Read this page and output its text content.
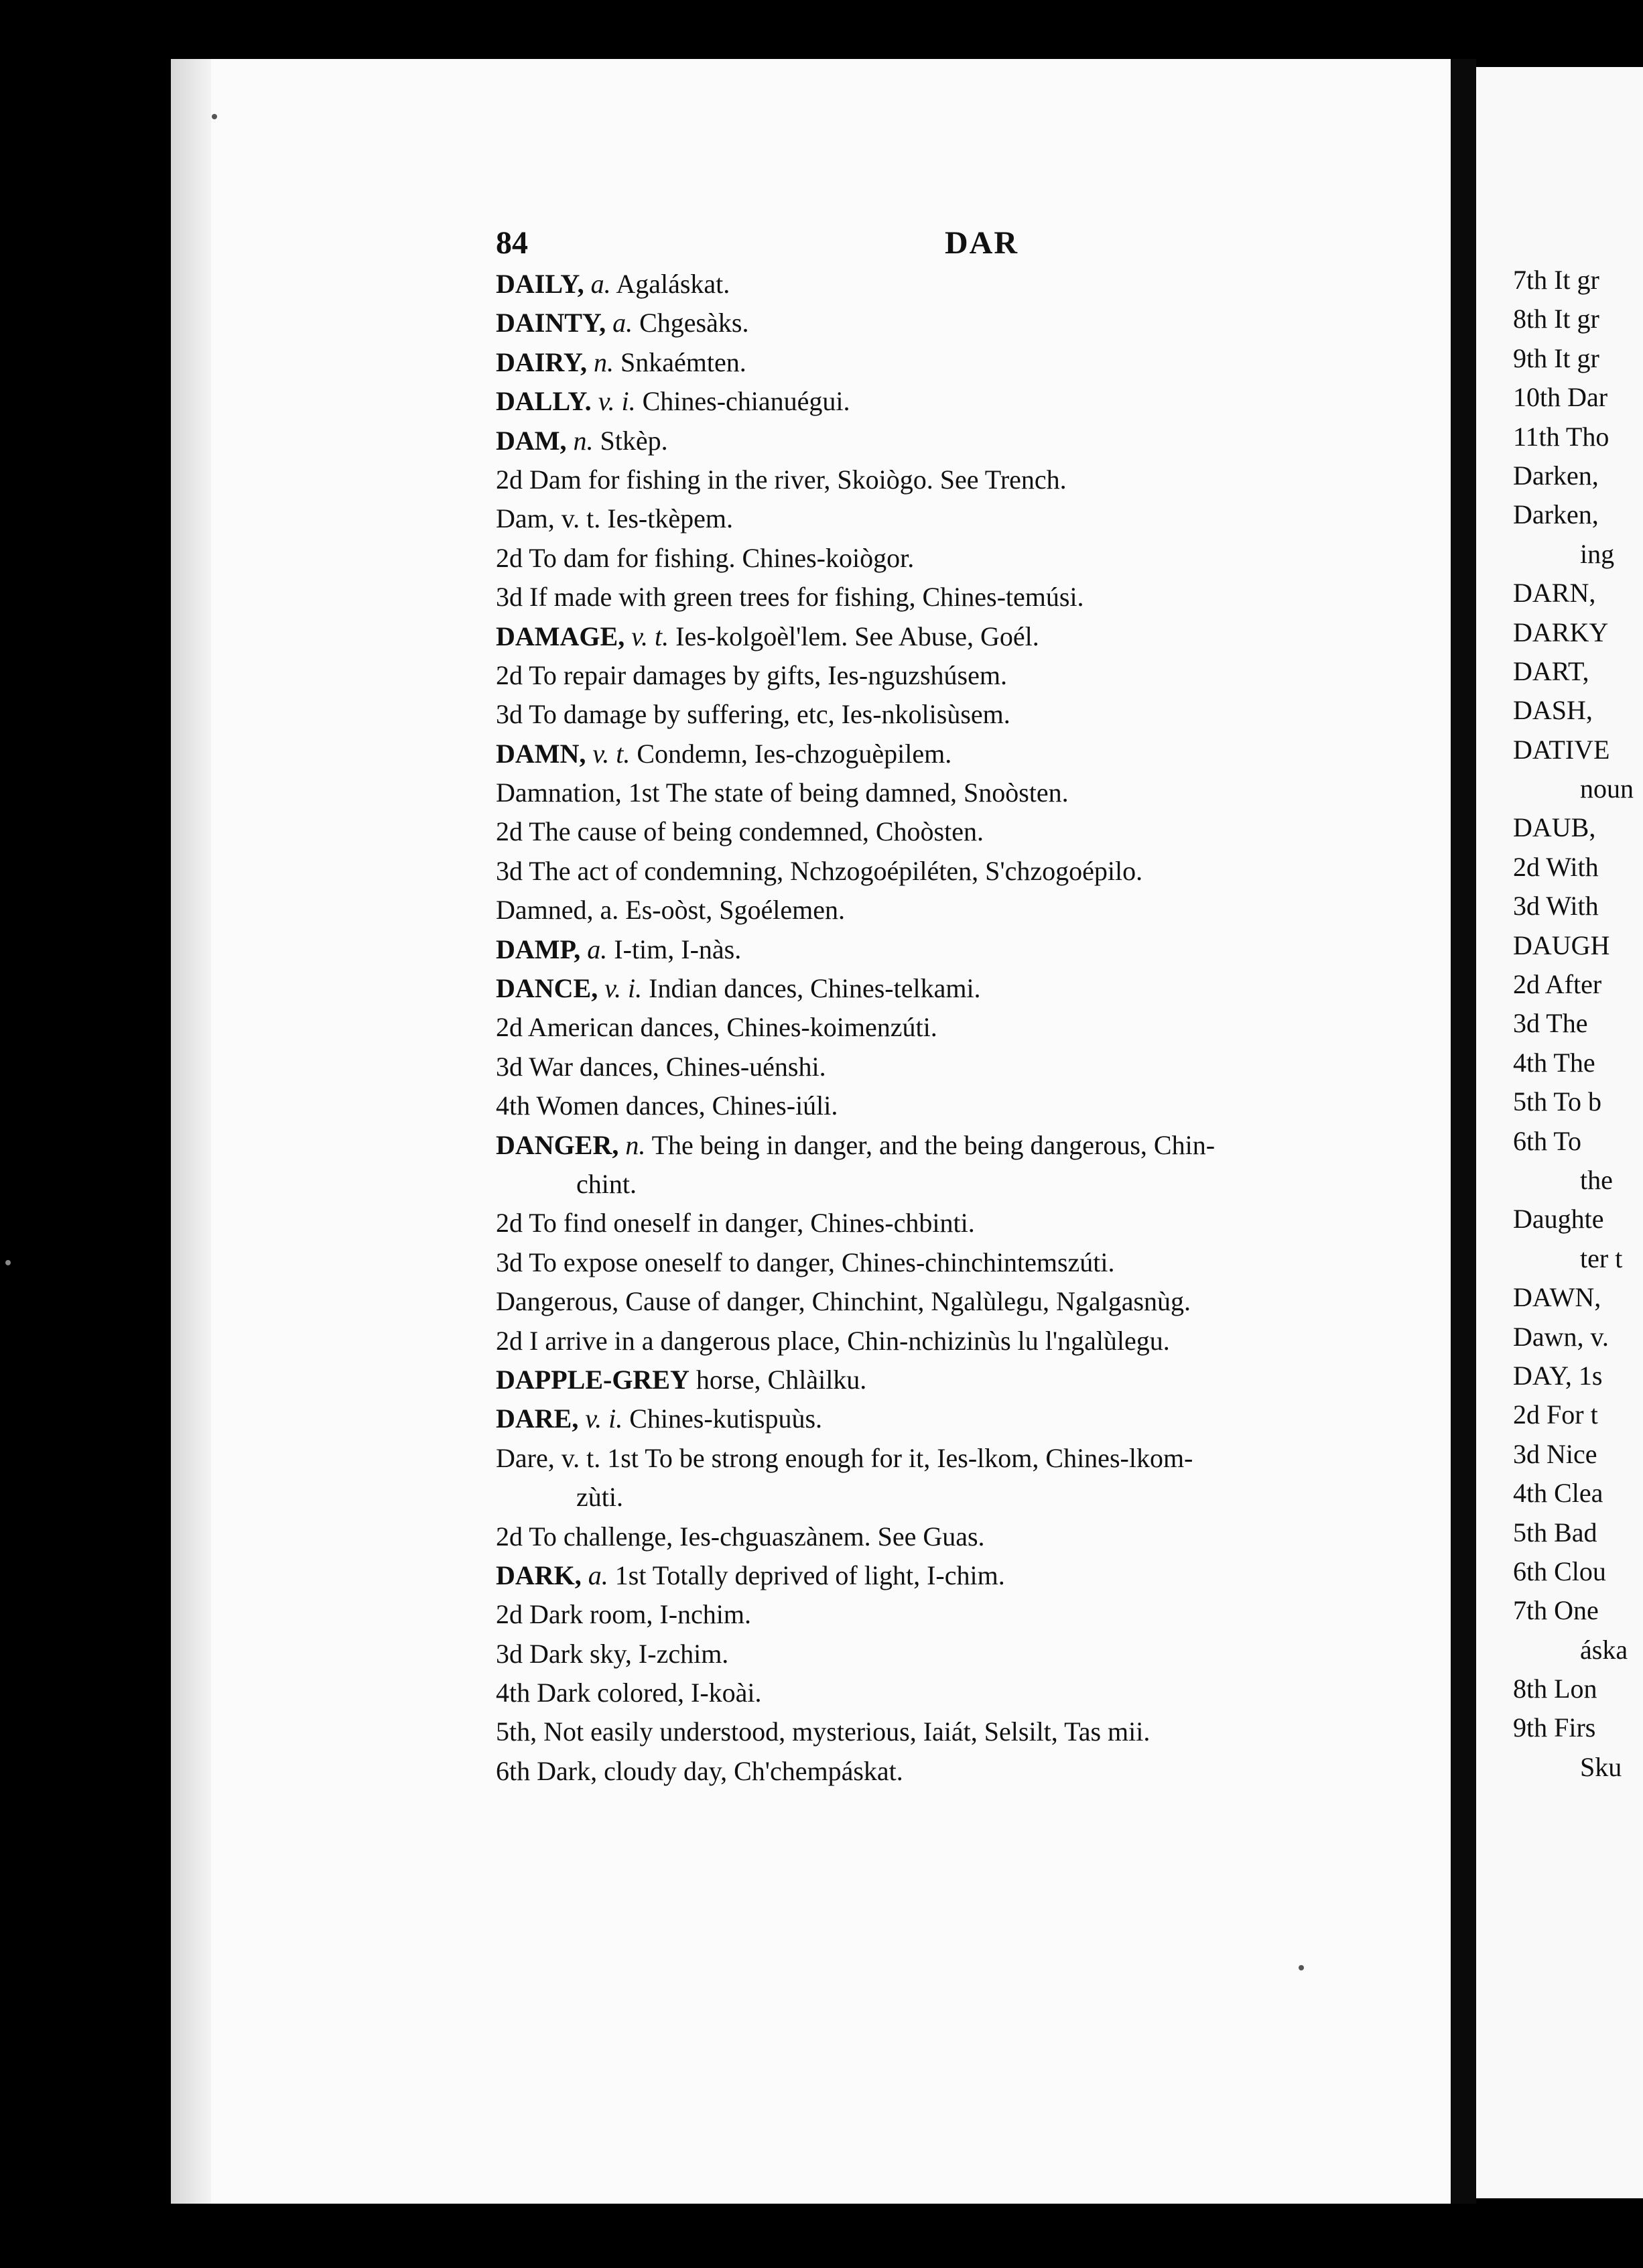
7th It gr
8th It gr
9th It gr
10th Dar
11th Tho
Darken,
Darken,
ing
DARN,
DARKY
DART,
DASH,
DATIVE
noun
DAUB,
2d With
3d With
DAUGH
2d After
3d The
4th The
5th To b
6th To
the
Daughte
ter t
DAWN,
Dawn, v.
DAY, 1s
2d For t
3d Nice
4th Clea
5th Bad
6th Clou
7th One
áska
8th Lon
9th Firs
Sku
84	DAR
DAILY, a. Agaláskat.
DAINTY, a. Chgesàks.
DAIRY, n. Snkaémten.
DALLY. v. i. Chines-chianuégui.
DAM, n. Stkèp.
2d Dam for fishing in the river, Skoiògo. See Trench.
Dam, v. t. Ies-tkèpem.
2d To dam for fishing. Chines-koiògor.
3d If made with green trees for fishing, Chines-temúsi.
DAMAGE, v. t. Ies-kolgoèl'lem. See Abuse, Goél.
2d To repair damages by gifts, Ies-nguzshúsem.
3d To damage by suffering, etc, Ies-nkolisùsem.
DAMN, v. t. Condemn, Ies-chzoguèpilem.
Damnation, 1st The state of being damned, Snoòsten.
2d The cause of being condemned, Choòsten.
3d The act of condemning, Nchzogoépiléten, S'chzogoépilo.
Damned, a. Es-oòst, Sgoélemen.
DAMP, a. I-tim, I-nàs.
DANCE, v. i. Indian dances, Chines-telkami.
2d American dances, Chines-koimenzúti.
3d War dances, Chines-uénshi.
4th Women dances, Chines-iúli.
DANGER, n. The being in danger, and the being dangerous, Chin-
chint.
2d To find oneself in danger, Chines-chbinti.
3d To expose oneself to danger, Chines-chinchintemszúti.
Dangerous, Cause of danger, Chinchint, Ngalùlegu, Ngalgasnùg.
2d I arrive in a dangerous place, Chin-nchizinùs lu l'ngalùlegu.
DAPPLE-GREY horse, Chlàilku.
DARE, v. i. Chines-kutispuùs.
Dare, v. t. 1st To be strong enough for it, Ies-lkom, Chines-lkom-
zùti.
2d To challenge, Ies-chguaszànem. See Guas.
DARK, a. 1st Totally deprived of light, I-chim.
2d Dark room, I-nchim.
3d Dark sky, I-zchim.
4th Dark colored, I-koài.
5th, Not easily understood, mysterious, Iaiát, Selsilt, Tas mii.
6th Dark, cloudy day, Ch'chempáskat.
